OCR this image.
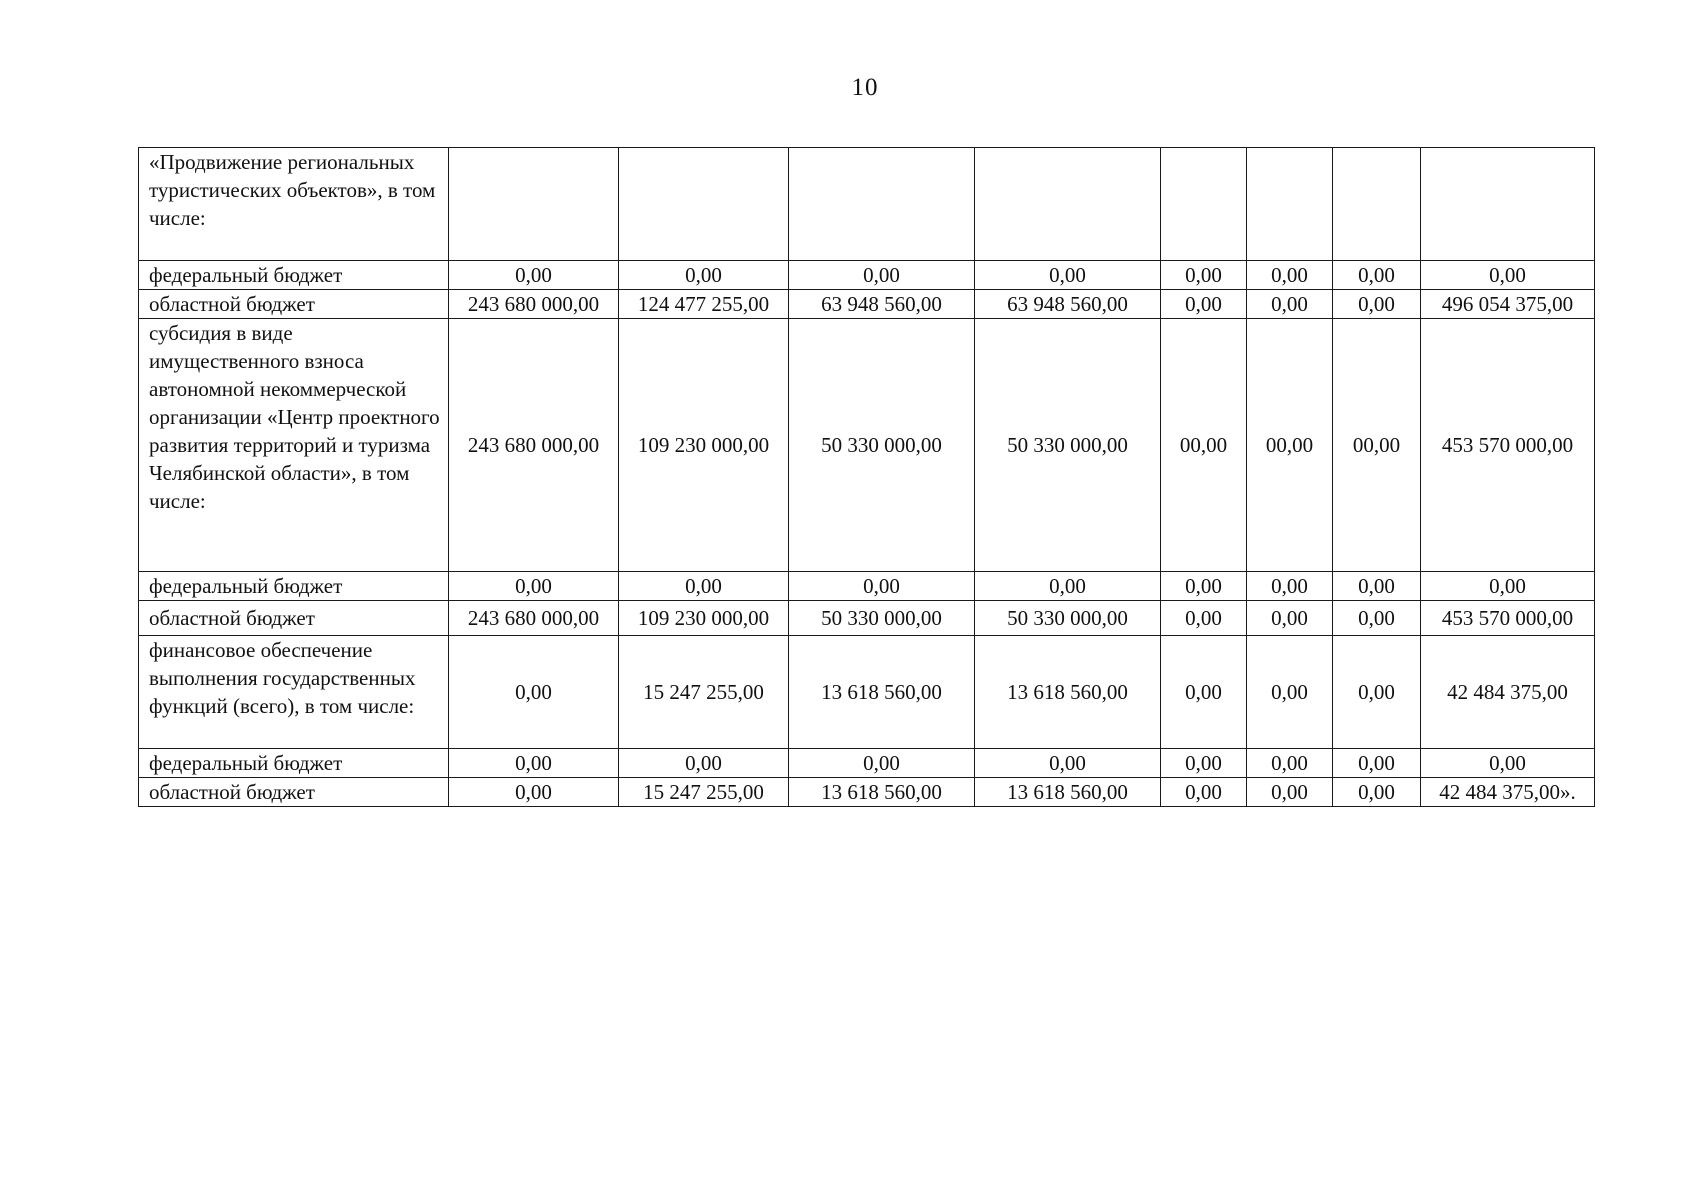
10
«Продвижение региональных туристических объектов», в том числе:								
федеральный бюджет	0,00	0,00	0,00	0,00	0,00	0,00	0,00	0,00
областной бюджет	243 680 000,00	124 477 255,00	63 948 560,00	63 948 560,00	0,00	0,00	0,00	496 054 375,00
субсидия в виде имущественного взноса автономной некоммерческой организации «Центр проектного развития территорий и туризма Челябинской области», в том числе:	243 680 000,00	109 230 000,00	50 330 000,00	50 330 000,00	00,00	00,00	00,00	453 570 000,00
федеральный бюджет	0,00	0,00	0,00	0,00	0,00	0,00	0,00	0,00
областной бюджет	243 680 000,00	109 230 000,00	50 330 000,00	50 330 000,00	0,00	0,00	0,00	453 570 000,00
финансовое обеспечение выполнения государственных функций (всего), в том числе:	0,00	15 247 255,00	13 618 560,00	13 618 560,00	0,00	0,00	0,00	42 484 375,00
федеральный бюджет	0,00	0,00	0,00	0,00	0,00	0,00	0,00	0,00
областной бюджет	0,00	15 247 255,00	13 618 560,00	13 618 560,00	0,00	0,00	0,00	42 484 375,00».
